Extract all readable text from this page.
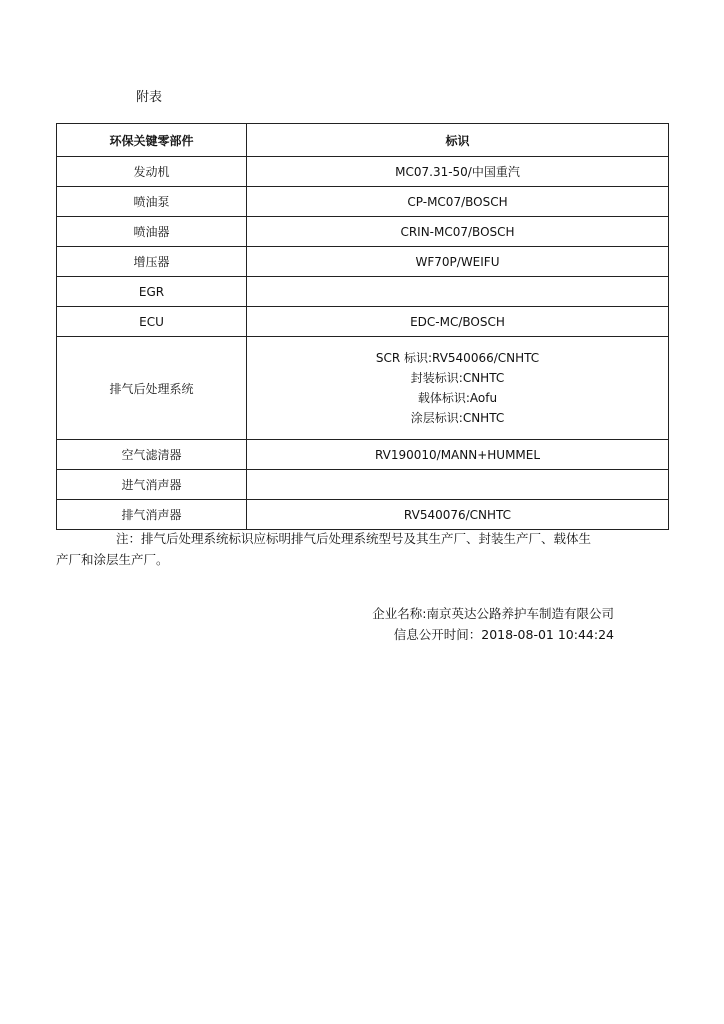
附表
环保关键零部件	标识
发动机	MC07.31-50/中国重汽
喷油泵	CP-MC07/BOSCH
喷油器	CRIN-MC07/BOSCH
增压器	WF70P/WEIFU
EGR	
ECU	EDC-MC/BOSCH
排气后处理系统	SCR 标识:RV540066/CNHTC
封装标识:CNHTC
载体标识:Aofu
涂层标识:CNHTC

空气滤清器	RV190010/MANN+HUMMEL
进气消声器	
排气消声器	RV540076/CNHTC
注：排气后处理系统标识应标明排气后处理系统型号及其生产厂、封装生产厂、载体生
产厂和涂层生产厂。
企业名称:南京英达公路养护车制造有限公司
信息公开时间：2018-08-01 10:44:24
